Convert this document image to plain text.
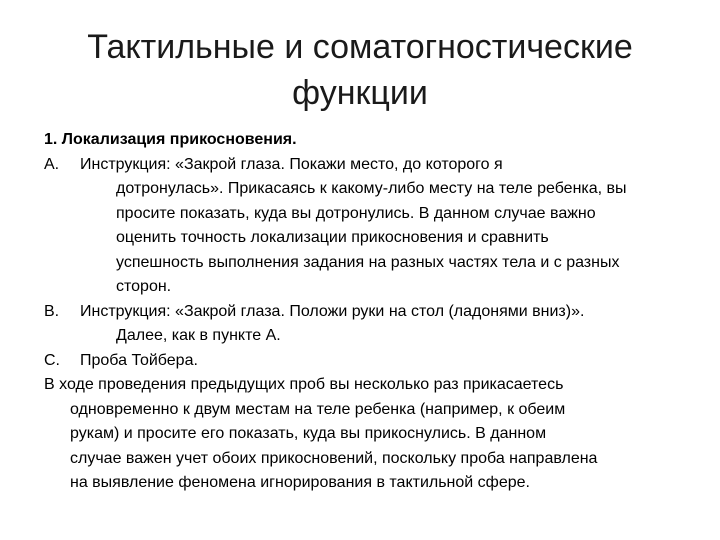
Тактильные и соматогностические
функции
1. Локализация прикосновения.
A. Инструкция: «Закрой глаза. Покажи место, до которого я
дотронулась». Прикасаясь к какому-либо месту на теле ребенка, вы
просите показать, куда вы дотронулись. В данном случае важно
оценить точность локализации прикосновения и сравнить
успешность выполнения задания на разных частях тела и с разных
сторон.
B. Инструкция: «Закрой глаза. Положи руки на стол (ладонями вниз)».
Далее, как в пункте А.
C. Проба Тойбера.
В ходе проведения предыдущих проб вы несколько раз прикасаетесь
одновременно к двум местам на теле ребенка (например, к обеим
рукам) и просите его показать, куда вы прикоснулись. В данном
случае важен учет обоих прикосновений, поскольку проба направлена
на выявление феномена игнорирования в тактильной сфере.
